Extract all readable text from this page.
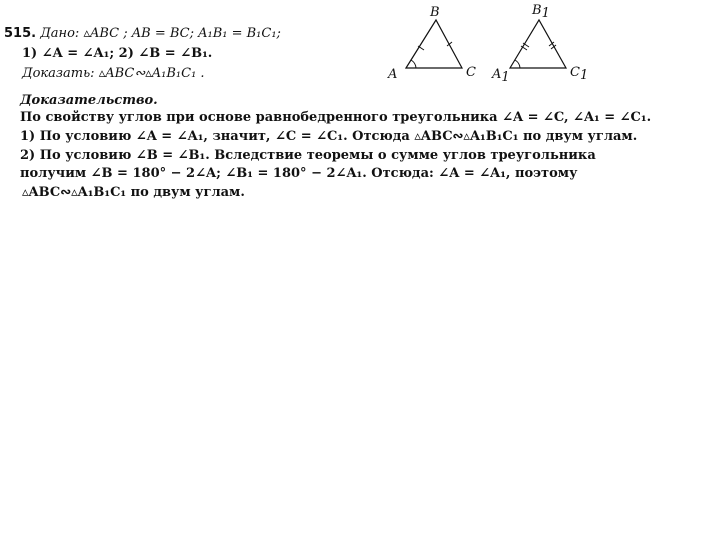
515. Дано: ▵ABC ; AB = BC; A₁B₁ = B₁C₁;
1) ∠A = ∠A₁; 2) ∠B = ∠B₁.
Доказать: ▵ABC∾▵A₁B₁C₁ .
B
A	C
B1
A1	C1
Доказательство.
По свойству углов при основе равнобедренного треугольника ∠A = ∠C, ∠A₁ = ∠C₁.
1) По условию ∠A = ∠A₁, значит, ∠C = ∠C₁. Отсюда ▵ABC∾▵A₁B₁C₁ по двум углам.
2) По условию ∠B = ∠B₁. Вследствие теоремы о сумме углов треугольника
получим ∠B = 180° − 2∠A; ∠B₁ = 180° − 2∠A₁. Отсюда: ∠A = ∠A₁, поэтому
▵ABC∾▵A₁B₁C₁ по двум углам.
